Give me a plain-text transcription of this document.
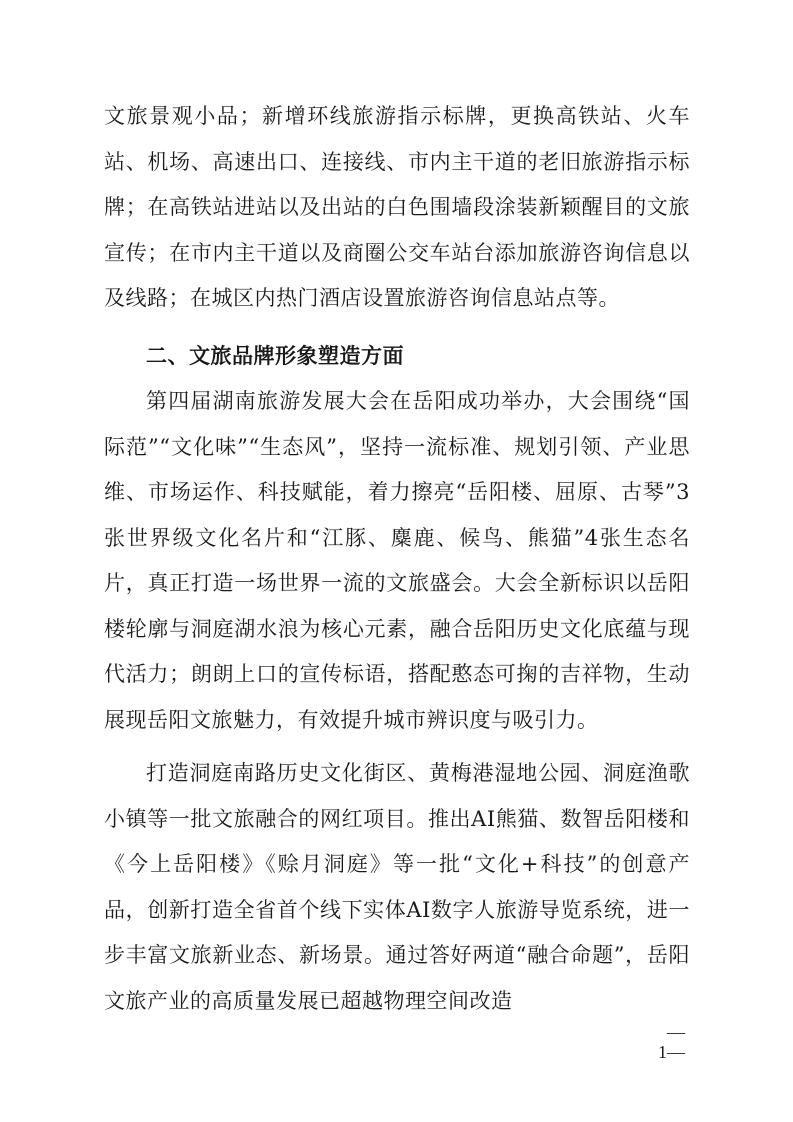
文旅景观小品；新增环线旅游指示标牌，更换高铁站、火车站、机场、高速出口、连接线、市内主干道的老旧旅游指示标牌；在高铁站进站以及出站的白色围墙段涂装新颖醒目的文旅宣传；在市内主干道以及商圈公交车站台添加旅游咨询信息以及线路；在城区内热门酒店设置旅游咨询信息站点等。

二、文旅品牌形象塑造方面

第四届湖南旅游发展大会在岳阳成功举办，大会围绕“国际范”“文化味”“生态风”，坚持一流标准、规划引领、产业思维、市场运作、科技赋能，着力擦亮“岳阳楼、屈原、古琴”3张世界级文化名片和“江豚、麋鹿、候鸟、熊猫”4张生态名片，真正打造一场世界一流的文旅盛会。大会全新标识以岳阳楼轮廓与洞庭湖水浪为核心元素，融合岳阳历史文化底蕴与现代活力；朗朗上口的宣传标语，搭配憨态可掬的吉祥物，生动展现岳阳文旅魅力，有效提升城市辨识度与吸引力。

打造洞庭南路历史文化街区、黄梅港湿地公园、洞庭渔歌小镇等一批文旅融合的网红项目。推出AI熊猫、数智岳阳楼和《今上岳阳楼》《赊月洞庭》等一批“文化+科技”的创意产品，创新打造全省首个线下实体AI数字人旅游导览系统，进一步丰富文旅新业态、新场景。通过答好两道“融合命题”，岳阳文旅产业的高质量发展已超越物理空间改造

—
1—
